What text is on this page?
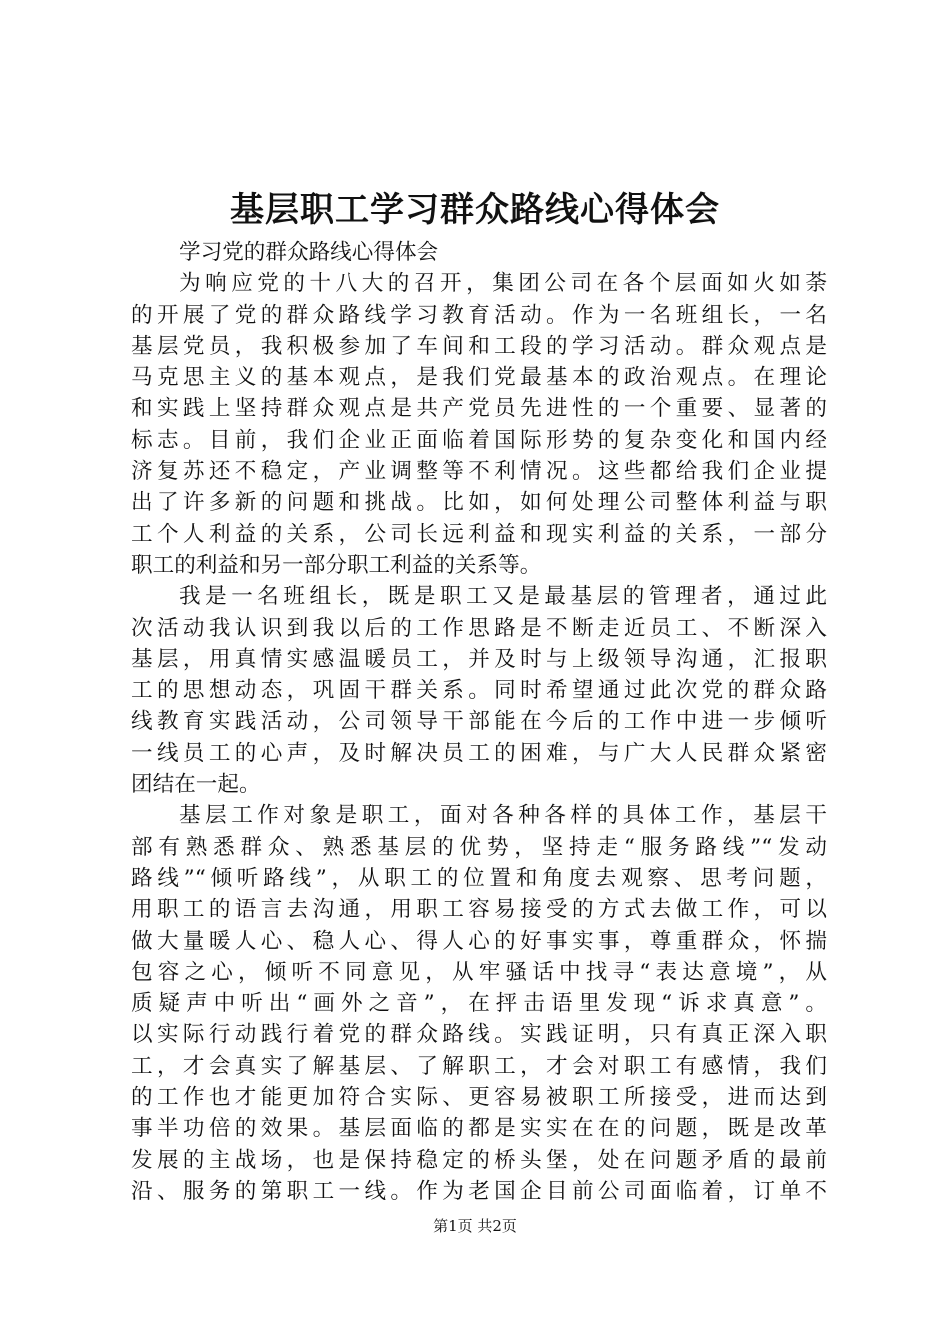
基层职工学习群众路线心得体会

学习党的群众路线心得体会

为响应党的十八大的召开，集团公司在各个层面如火如荼
的开展了党的群众路线学习教育活动。作为一名班组长，一名
基层党员，我积极参加了车间和工段的学习活动。群众观点是
马克思主义的基本观点，是我们党最基本的政治观点。在理论
和实践上坚持群众观点是共产党员先进性的一个重要、显著的
标志。目前，我们企业正面临着国际形势的复杂变化和国内经
济复苏还不稳定，产业调整等不利情况。这些都给我们企业提
出了许多新的问题和挑战。比如，如何处理公司整体利益与职
工个人利益的关系，公司长远利益和现实利益的关系，一部分
职工的利益和另一部分职工利益的关系等。
我是一名班组长，既是职工又是最基层的管理者，通过此
次活动我认识到我以后的工作思路是不断走近员工、不断深入
基层，用真情实感温暖员工，并及时与上级领导沟通，汇报职
工的思想动态，巩固干群关系。同时希望通过此次党的群众路
线教育实践活动，公司领导干部能在今后的工作中进一步倾听
一线员工的心声，及时解决员工的困难，与广大人民群众紧密
团结在一起。
基层工作对象是职工，面对各种各样的具体工作，基层干
部有熟悉群众、熟悉基层的优势，坚持走“服务路线”“发动
路线”“倾听路线”，从职工的位置和角度去观察、思考问题，
用职工的语言去沟通，用职工容易接受的方式去做工作，可以
做大量暖人心、稳人心、得人心的好事实事，尊重群众，怀揣
包容之心，倾听不同意见，从牢骚话中找寻“表达意境”，从
质疑声中听出“画外之音”，在抨击语里发现“诉求真意”。
以实际行动践行着党的群众路线。实践证明，只有真正深入职
工，才会真实了解基层、了解职工，才会对职工有感情，我们
的工作也才能更加符合实际、更容易被职工所接受，进而达到
事半功倍的效果。基层面临的都是实实在在的问题，既是改革
发展的主战场，也是保持稳定的桥头堡，处在问题矛盾的最前
沿、服务的第职工一线。作为老国企目前公司面临着，订单不
第1页 共2页
